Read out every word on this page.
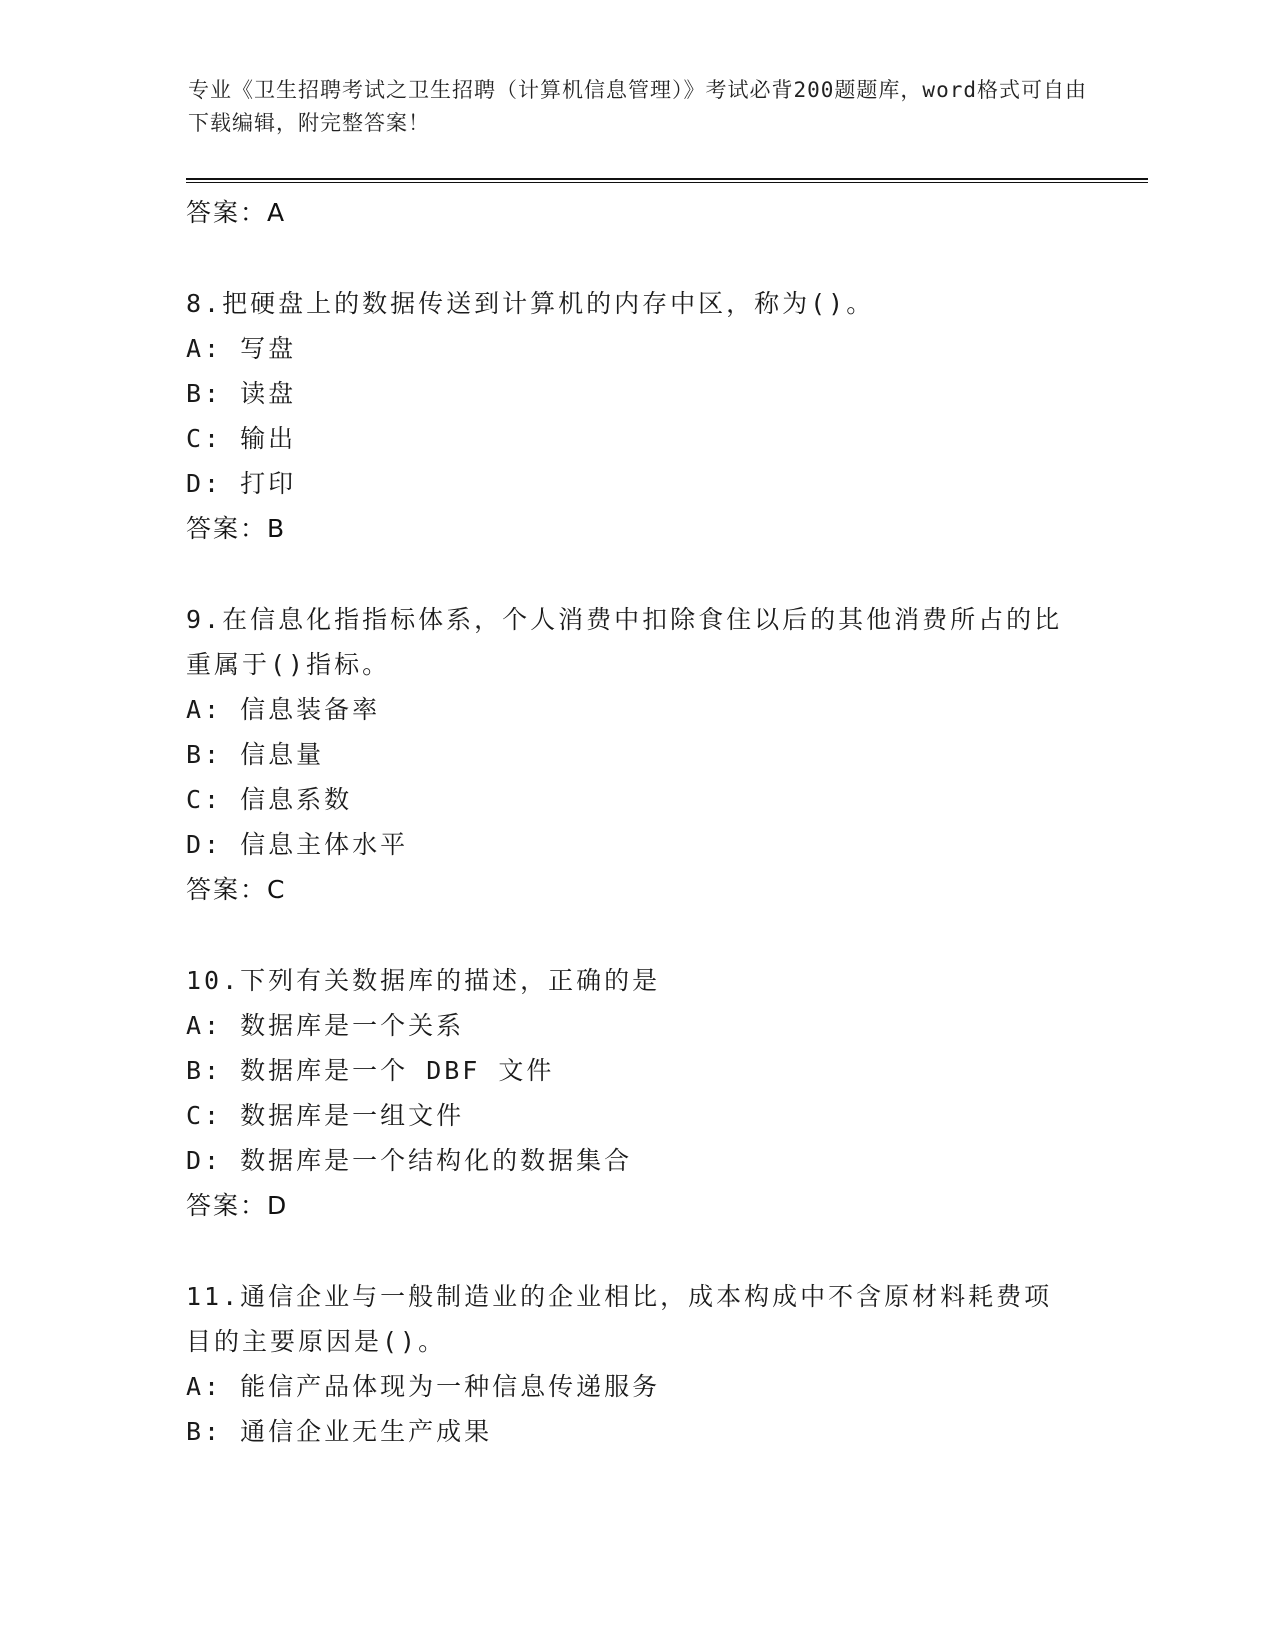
专业《卫生招聘考试之卫生招聘（计算机信息管理）》考试必背200题题库，word格式可自由下载编辑，附完整答案！
答案：A
8.把硬盘上的数据传送到计算机的内存中区，称为()。
A: 写盘
B: 读盘
C: 输出
D: 打印
答案：B
9.在信息化指指标体系，个人消费中扣除食住以后的其他消费所占的比重属于()指标。
A: 信息装备率
B: 信息量
C: 信息系数
D: 信息主体水平
答案：C
10.下列有关数据库的描述，正确的是
A: 数据库是一个关系
B: 数据库是一个 DBF 文件
C: 数据库是一组文件
D: 数据库是一个结构化的数据集合
答案：D
11.通信企业与一般制造业的企业相比，成本构成中不含原材料耗费项目的主要原因是()。
A: 能信产品体现为一种信息传递服务
B: 通信企业无生产成果
